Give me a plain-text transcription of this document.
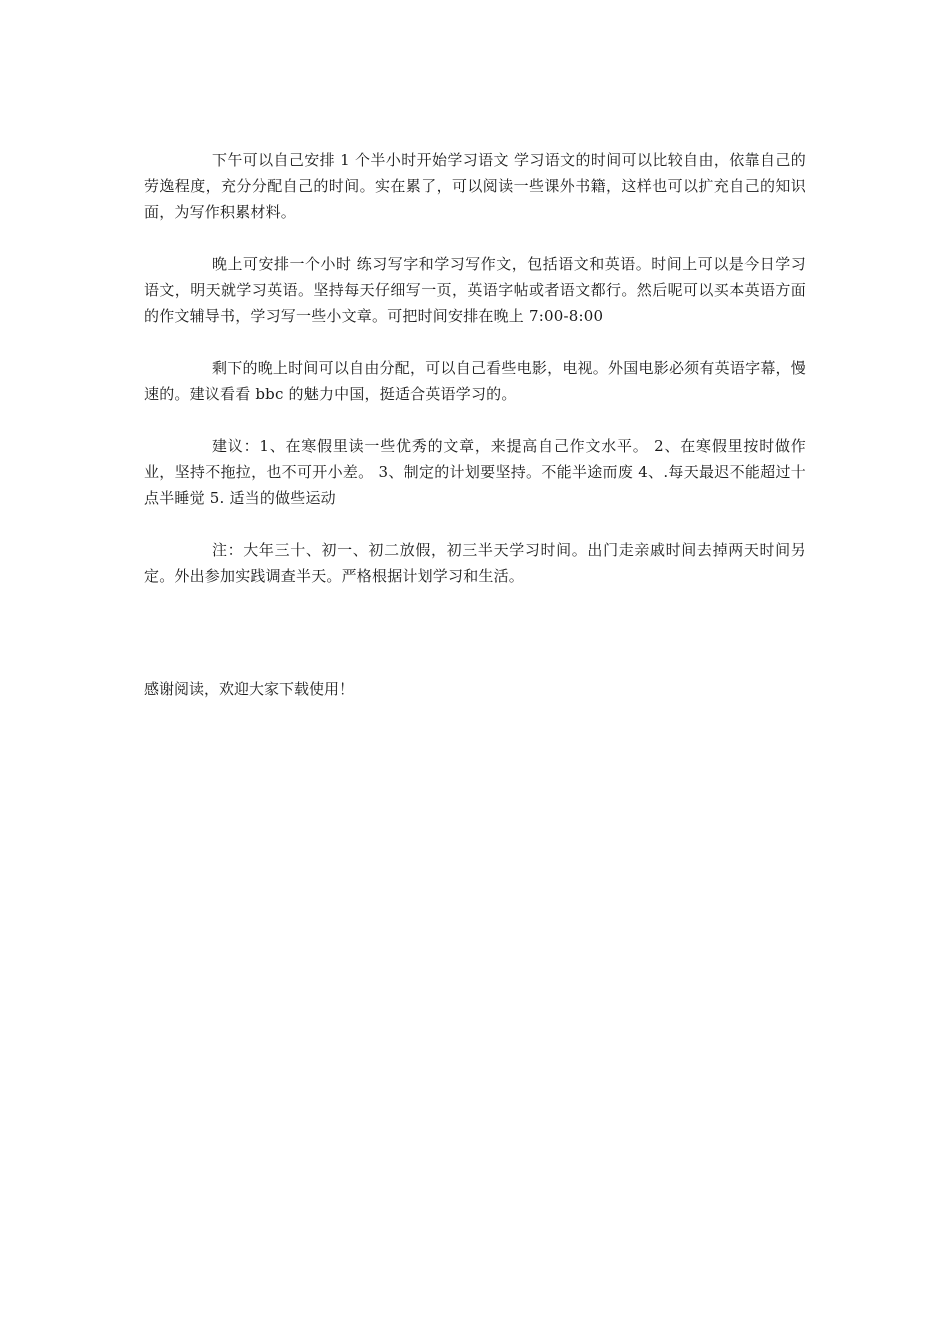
下午可以自己安排 1 个半小时开始学习语文 学习语文的时间可以比较自由，依靠自己的劳逸程度，充分分配自己的时间。实在累了，可以阅读一些课外书籍，这样也可以扩充自己的知识面，为写作积累材料。

晚上可安排一个小时 练习写字和学习写作文，包括语文和英语。时间上可以是今日学习语文，明天就学习英语。坚持每天仔细写一页，英语字帖或者语文都行。然后呢可以买本英语方面的作文辅导书，学习写一些小文章。可把时间安排在晚上 7:00-8:00

剩下的晚上时间可以自由分配，可以自己看些电影，电视。外国电影必须有英语字幕，慢速的。建议看看 bbc 的魅力中国，挺适合英语学习的。

建议：1、在寒假里读一些优秀的文章，来提高自己作文水平。 2、在寒假里按时做作业，坚持不拖拉，也不可开小差。 3、制定的计划要坚持。不能半途而废 4、.每天最迟不能超过十点半睡觉 5. 适当的做些运动

注：大年三十、初一、初二放假，初三半天学习时间。出门走亲戚时间去掉两天时间另定。外出参加实践调查半天。严格根据计划学习和生活。

感谢阅读，欢迎大家下载使用！
